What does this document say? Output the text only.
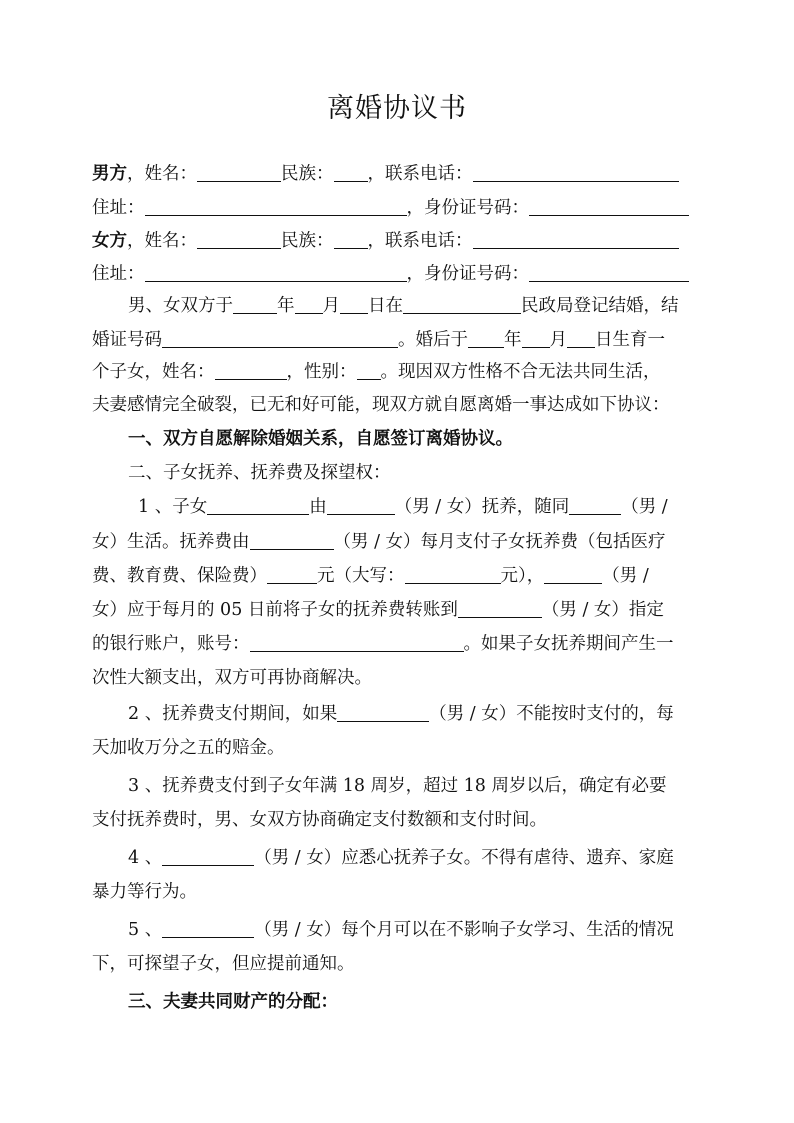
离婚协议书
男方，姓名：	民族： ，联系电话：
住址：	，身份证号码：
女方，姓名：	民族： ，联系电话：
住址：	，身份证号码：
男、女双方于	年 月 日在	民政局登记结婚，结
婚证号码	。婚后于 年 月 日生育一
个子女，姓名：	，性别： 。现因双方性格不合无法共同生活，
夫妻感情完全破裂，已无和好可能，现双方就自愿离婚一事达成如下协议：
一、双方自愿解除婚姻关系，自愿签订离婚协议。
二、子女抚养、抚养费及探望权：
1 、子女	由	（男 / 女）抚养，随同	（男 /
女）生活。抚养费由	（男 / 女）每月支付子女抚养费（包括医疗
费、教育费、保险费）	元（大写：	元），	（男 /
女）应于每月的 05 日前将子女的抚养费转账到	（男 / 女）指定
的银行账户，账号：	。如果子女抚养期间产生一
次性大额支出，双方可再协商解决。
2 、抚养费支付期间，如果	（男 / 女）不能按时支付的，每
天加收万分之五的赔金。
3 、抚养费支付到子女年满 18 周岁，超过 18 周岁以后，确定有必要
支付抚养费时，男、女双方协商确定支付数额和支付时间。
4 、	（男 / 女）应悉心抚养子女。不得有虐待、遗弃、家庭
暴力等行为。
5 、	（男 / 女）每个月可以在不影响子女学习、生活的情况
下，可探望子女，但应提前通知。
三、夫妻共同财产的分配：
